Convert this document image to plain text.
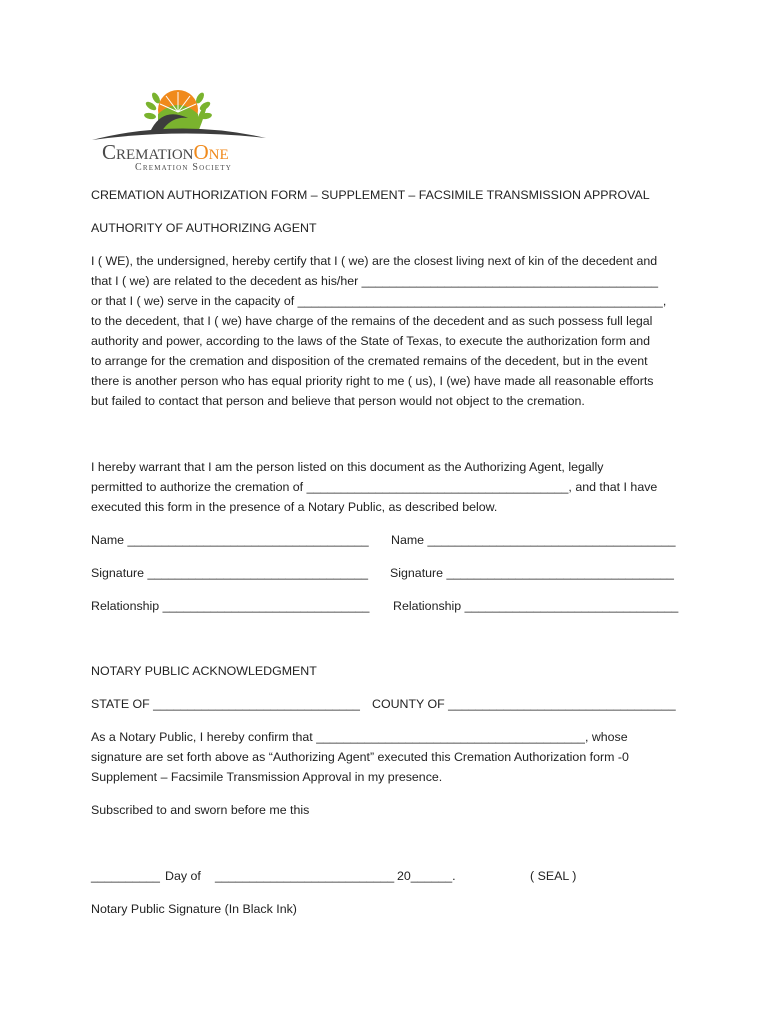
CremationOne
Cremation Society
CREMATION AUTHORIZATION FORM – SUPPLEMENT – FACSIMILE TRANSMISSION APPROVAL
AUTHORITY OF AUTHORIZING AGENT
I ( WE), the undersigned, hereby certify that I ( we) are the closest living next of kin of the decedent and
that I ( we) are related to the decedent as his/her ___________________________________________
or that I ( we) serve in the capacity of _____________________________________________________,
to the decedent, that I ( we) have charge of the remains of the decedent and as such possess full legal
authority and power, according to the laws of the State of Texas, to execute the authorization form and
to arrange for the cremation and disposition of the cremated remains of the decedent, but in the event
there is another person who has equal priority right to me ( us), I (we) have made all reasonable efforts
but failed to contact that person and believe that person would not object to the cremation.
I hereby warrant that I am the person listed on this document as the Authorizing Agent, legally
permitted to authorize the cremation of ______________________________________, and that I have
executed this form in the presence of a Notary Public, as described below.
Name ___________________________________ Name ____________________________________
Signature ________________________________ Signature _________________________________
Relationship ______________________________ Relationship _______________________________
NOTARY PUBLIC ACKNOWLEDGMENT
STATE OF ______________________________ COUNTY OF _________________________________
As a Notary Public, I hereby confirm that _______________________________________, whose
signature are set forth above as “Authorizing Agent” executed this Cremation Authorization form -0
Supplement – Facsimile Transmission Approval in my presence.
Subscribed to and sworn before me this
__________ Day of __________________________ 20______.	( SEAL )
Notary Public Signature (In Black Ink)
